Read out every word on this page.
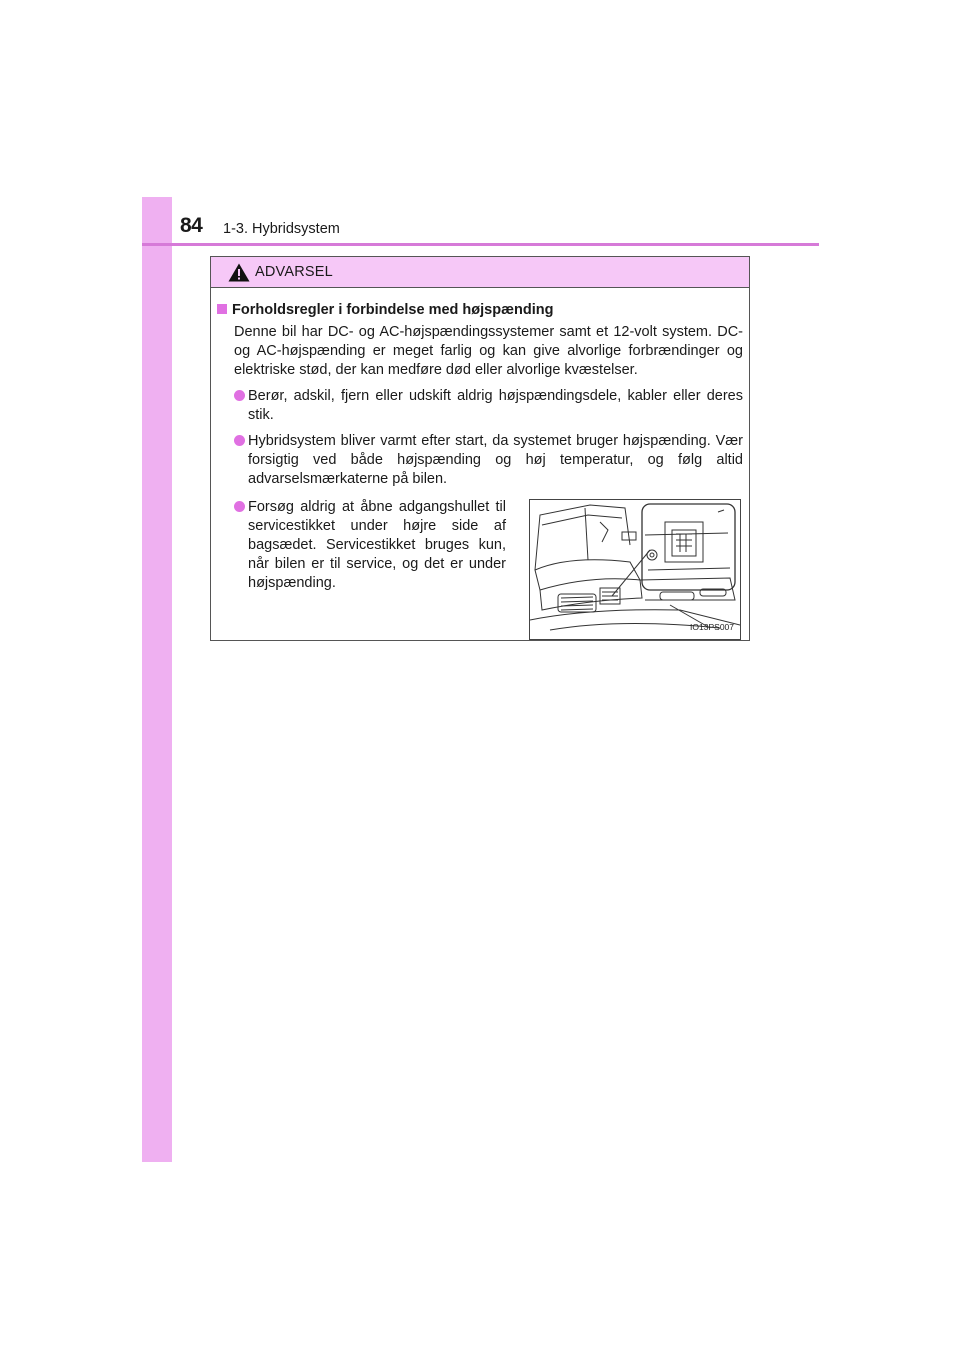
84 1-3. Hybridsystem
ADVARSEL
Forholdsregler i forbindelse med højspænding
Denne bil har DC- og AC-højspændingssystemer samt et 12-volt system. DC- og AC-højspænding er meget farlig og kan give alvorlige forbrændinger og elektriske stød, der kan medføre død eller alvorlige kvæstelser.
Berør, adskil, fjern eller udskift aldrig højspændingsdele, kabler eller deres stik.
Hybridsystem bliver varmt efter start, da systemet bruger højspænding. Vær forsigtig ved både højspænding og høj temperatur, og følg altid advarselsmærkaterne på bilen.
Forsøg aldrig at åbne adgangshullet til servicestikket under højre side af bagsædet. Servicestikket bruges kun, når bilen er til service, og det er under højspænding.
IO13PS007
